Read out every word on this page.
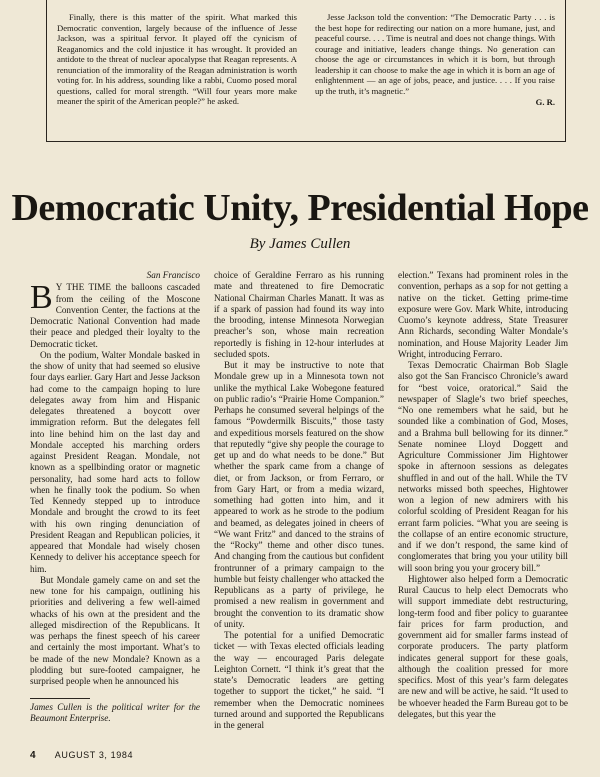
Finally, there is this matter of the spirit. What marked this Democratic convention, largely because of the influence of Jesse Jackson, was a spiritual fervor. It played off the cynicism of Reaganomics and the cold injustice it has wrought. It provided an antidote to the threat of nuclear apocalypse that Reagan represents. A renunciation of the immorality of the Reagan administration is worth voting for. In his address, sounding like a rabbi, Cuomo posed moral questions, called for moral strength. “Will four years more make meaner the spirit of the American people?” he asked.

Jesse Jackson told the convention: “The Democratic Party . . . is the best hope for redirecting our nation on a more humane, just, and peaceful course. . . . Time is neutral and does not change things. With courage and initiative, leaders change things. No generation can choose the age or circumstances in which it is born, but through leadership it can choose to make the age in which it is born an age of enlightenment — an age of jobs, peace, and justice. . . . If you raise up the truth, it’s magnetic.”

G. R.
Democratic Unity, Presidential Hope
By James Cullen
San Francisco

B Y THE TIME the balloons cascaded from the ceiling of the Moscone Convention Center, the factions at the Democratic National Convention had made their peace and pledged their loyalty to the Democratic ticket.

On the podium, Walter Mondale basked in the show of unity that had seemed so elusive four days earlier. Gary Hart and Jesse Jackson had come to the campaign hoping to lure delegates away from him and Hispanic delegates threatened a boycott over immigration reform. But the delegates fell into line behind him on the last day and Mondale accepted his marching orders against President Reagan. Mondale, not known as a spellbinding orator or magnetic personality, had some hard acts to follow when he finally took the podium. So when Ted Kennedy stepped up to introduce Mondale and brought the crowd to its feet with his own ringing denunciation of President Reagan and Republican policies, it appeared that Mondale had wisely chosen Kennedy to deliver his acceptance speech for him.

But Mondale gamely came on and set the new tone for his campaign, outlining his priorities and delivering a few well-aimed whacks of his own at the president and the alleged misdirection of the Republicans. It was perhaps the finest speech of his career and certainly the most important. What’s to be made of the new Mondale? Known as a plodding but sure-footed campaigner, he surprised people when he announced his

James Cullen is the political writer for the Beaumont Enterprise.

choice of Geraldine Ferraro as his running mate and threatened to fire Democratic National Chairman Charles Manatt. It was as if a spark of passion had found its way into the brooding, intense Minnesota Norwegian preacher’s son, whose main recreation reportedly is fishing in 12-hour interludes at secluded spots.

But it may be instructive to note that Mondale grew up in a Minnesota town not unlike the mythical Lake Wobegone featured on public radio’s “Prairie Home Companion.” Perhaps he consumed several helpings of the famous “Powdermilk Biscuits,” those tasty and expeditious morsels featured on the show that reputedly “give shy people the courage to get up and do what needs to be done.” But whether the spark came from a change of diet, or from Jackson, or from Ferraro, or from Gary Hart, or from a media wizard, something had gotten into him, and it appeared to work as he strode to the podium and beamed, as delegates joined in cheers of “We want Fritz” and danced to the strains of the “Rocky” theme and other disco tunes. And changing from the cautious but confident frontrunner of a primary campaign to the humble but feisty challenger who attacked the Republicans as a party of privilege, he promised a new realism in government and brought the convention to its dramatic show of unity.

The potential for a unified Democratic ticket — with Texas elected officials leading the way — encouraged Paris delegate Leighton Cornett. “I think it’s great that the state’s Democratic leaders are getting together to support the ticket,” he said. “I remember when the Democratic nominees turned around and supported the Republicans in the general

election.” Texans had prominent roles in the convention, perhaps as a sop for not getting a native on the ticket. Getting prime-time exposure were Gov. Mark White, introducing Cuomo’s keynote address, State Treasurer Ann Richards, seconding Walter Mondale’s nomination, and House Majority Leader Jim Wright, introducing Ferraro.

Texas Democratic Chairman Bob Slagle also got the San Francisco Chronicle’s award for “best voice, oratorical.” Said the newspaper of Slagle’s two brief speeches, “No one remembers what he said, but he sounded like a combination of God, Moses, and a Brahma bull bellowing for its dinner.” Senate nominee Lloyd Doggett and Agriculture Commissioner Jim Hightower spoke in afternoon sessions as delegates shuffled in and out of the hall. While the TV networks missed both speeches, Hightower won a legion of new admirers with his colorful scolding of President Reagan for his errant farm policies. “What you are seeing is the collapse of an entire economic structure, and if we don’t respond, the same kind of conglomerates that bring you your utility bill will soon bring you your grocery bill.”

Hightower also helped form a Democratic Rural Caucus to help elect Democrats who will support immediate debt restructuring, long-term food and fiber policy to guarantee fair prices for farm production, and government aid for smaller farms instead of corporate producers. The party platform indicates general support for these goals, although the coalition pressed for more specifics. Most of this year’s farm delegates are new and will be active, he said. “It used to be whoever headed the Farm Bureau got to be delegates, but this year the

4 AUGUST 3, 1984
